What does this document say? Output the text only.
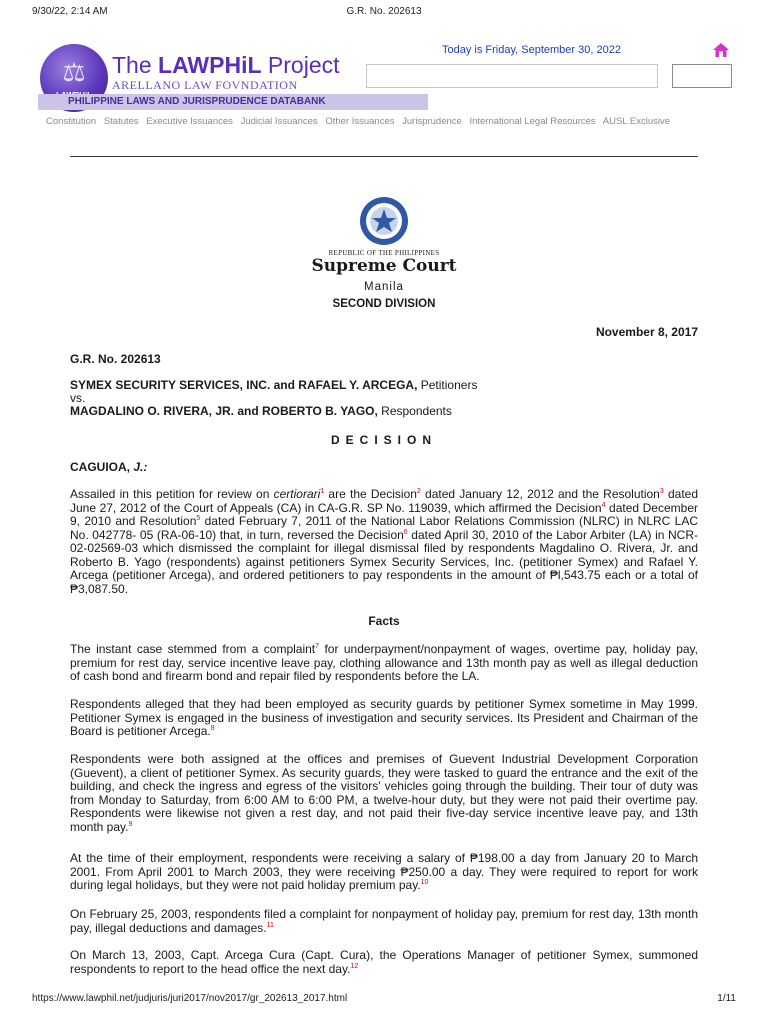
9/30/22, 2:14 AM	G.R. No. 202613
⚖ The LAWPHiL Project
ARELLANO LAW FOVNDATION
PHILIPPINE LAWS AND JURISPRUDENCE DATABANK
Today is Friday, September 30, 2022
Constitution Statutes Executive Issuances Judicial Issuances Other Issuances Jurisprudence International Legal Resources AUSL Exclusive
REPUBLIC OF THE PHILIPPINES
Supreme Court
Manila
SECOND DIVISION
November 8, 2017
G.R. No. 202613
SYMEX SECURITY SERVICES, INC. and RAFAEL Y. ARCEGA, Petitioners
vs.
MAGDALINO O. RIVERA, JR. and ROBERTO B. YAGO, Respondents
DECISION
CAGUIOA, J.:
Assailed in this petition for review on certiorari$^1$ are the Decision$^2$ dated January 12, 2012 and the Resolution$^3$ dated June 27, 2012 of the Court of Appeals (CA) in CA-G.R. SP No. 119039, which affirmed the Decision$^4$ dated December 9, 2010 and Resolution$^5$ dated February 7, 2011 of the National Labor Relations Commission (NLRC) in NLRC LAC No. 042778- 05 (RA-06-10) that, in turn, reversed the Decision$^6$ dated April 30, 2010 of the Labor Arbiter (LA) in NCR-02-02569-03 which dismissed the complaint for illegal dismissal filed by respondents Magdalino O. Rivera, Jr. and Roberto B. Yago (respondents) against petitioners Symex Security Services, Inc. (petitioner Symex) and Rafael Y. Arcega (petitioner Arcega), and ordered petitioners to pay respondents in the amount of ₱l,543.75 each or a total of ₱3,087.50.
Facts
The instant case stemmed from a complaint$^7$ for underpayment/nonpayment of wages, overtime pay, holiday pay, premium for rest day, service incentive leave pay, clothing allowance and 13th month pay as well as illegal deduction of cash bond and firearm bond and repair filed by respondents before the LA.
Respondents alleged that they had been employed as security guards by petitioner Symex sometime in May 1999. Petitioner Symex is engaged in the business of investigation and security services. Its President and Chairman of the Board is petitioner Arcega.$^8$
Respondents were both assigned at the offices and premises of Guevent Industrial Development Corporation (Guevent), a client of petitioner Symex. As security guards, they were tasked to guard the entrance and the exit of the building, and check the ingress and egress of the visitors' vehicles going through the building. Their tour of duty was from Monday to Saturday, from 6:00 AM to 6:00 PM, a twelve-hour duty, but they were not paid their overtime pay. Respondents were likewise not given a rest day, and not paid their five-day service incentive leave pay, and 13th month pay.$^9$
At the time of their employment, respondents were receiving a salary of ₱198.00 a day from January 20 to March 2001. From April 2001 to March 2003, they were receiving ₱250.00 a day. They were required to report for work during legal holidays, but they were not paid holiday premium pay.$^{10}$
On February 25, 2003, respondents filed a complaint for nonpayment of holiday pay, premium for rest day, 13th month pay, illegal deductions and damages.$^{11}$
On March 13, 2003, Capt. Arcega Cura (Capt. Cura), the Operations Manager of petitioner Symex, summoned respondents to report to the head office the next day.$^{12}$
https://www.lawphil.net/judjuris/juri2017/nov2017/gr_202613_2017.html	1/11
